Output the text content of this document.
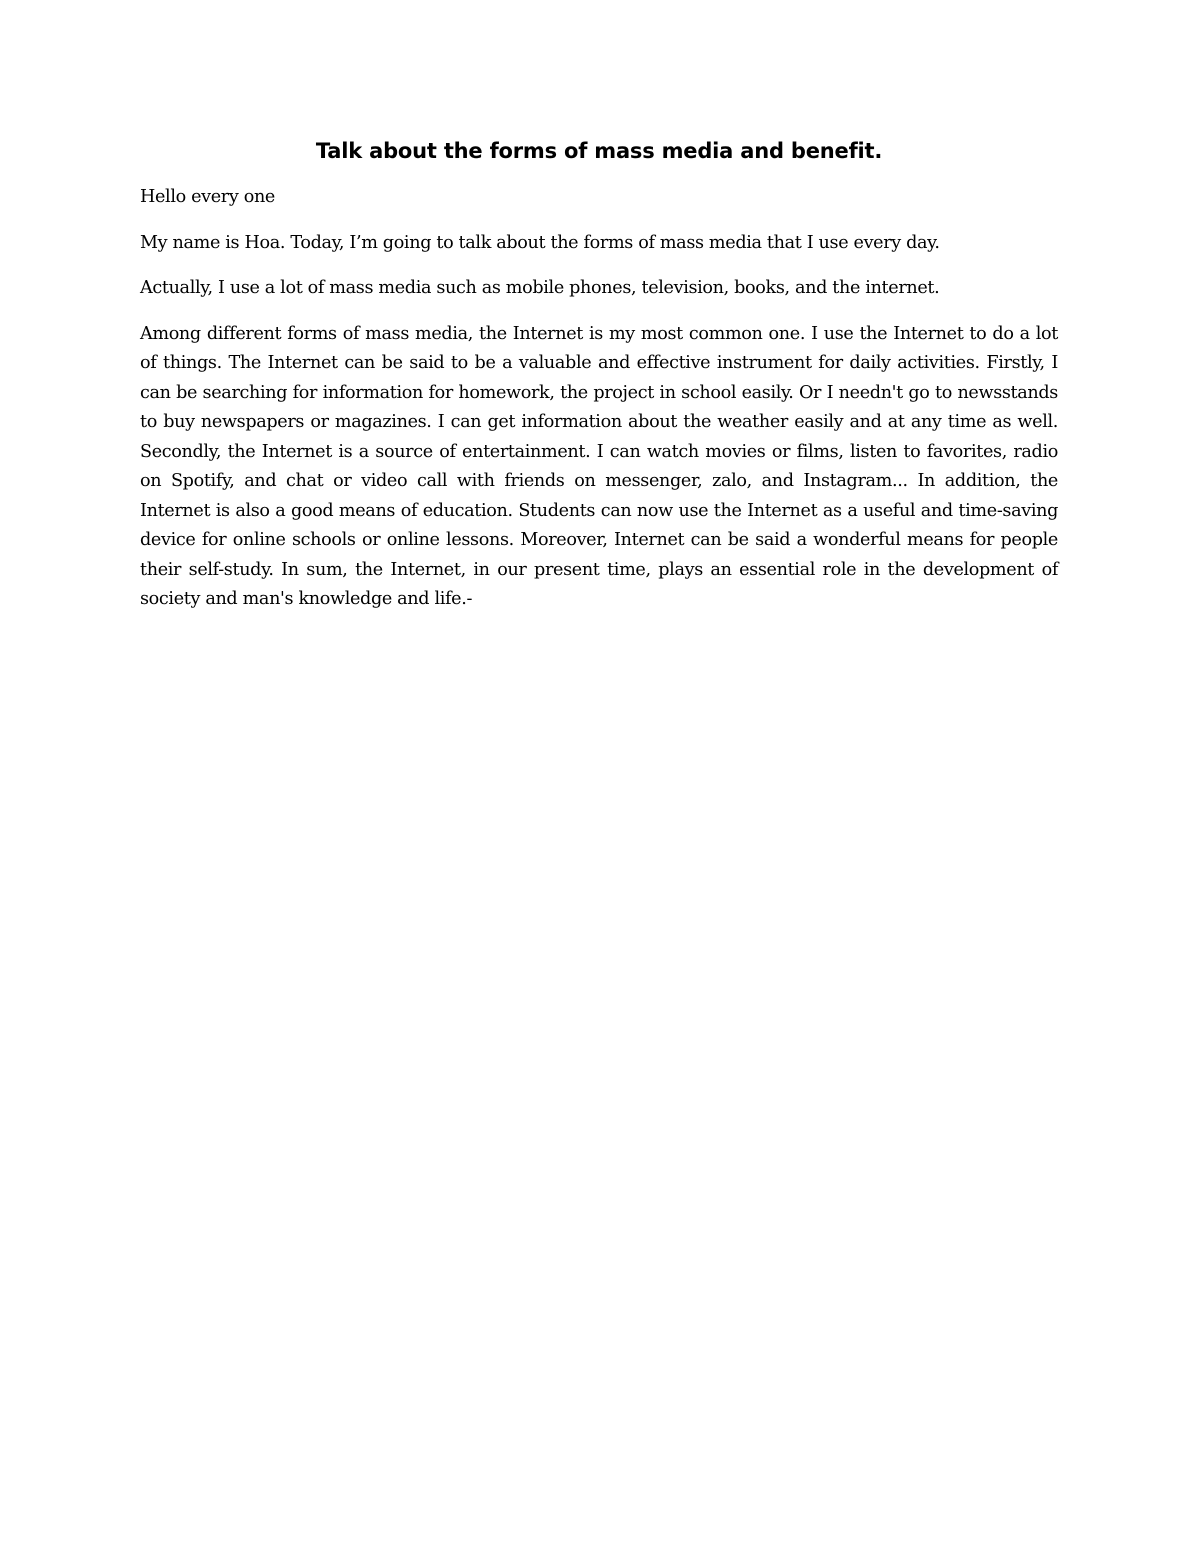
Talk about the forms of mass media and benefit.

Hello every one

My name is Hoa. Today, I’m going to talk about the forms of mass media that I use every day.

Actually, I use a lot of mass media such as mobile phones, television, books, and the internet.

Among different forms of mass media, the Internet is my most common one. I use the Internet to do a lot of things. The Internet can be said to be a valuable and effective instrument for daily activities. Firstly, I can be searching for information for homework, the project in school easily. Or I needn't go to newsstands to buy newspapers or magazines. I can get information about the weather easily and at any time as well. Secondly, the Internet is a source of entertainment. I can watch movies or films, listen to favorites, radio on Spotify, and chat or video call with friends on messenger, zalo, and Instagram... In addition, the Internet is also a good means of education. Students can now use the Internet as a useful and time-saving device for online schools or online lessons. Moreover, Internet can be said a wonderful means for people their self-study. In sum, the Internet, in our present time, plays an essential role in the development of society and man's knowledge and life.-
